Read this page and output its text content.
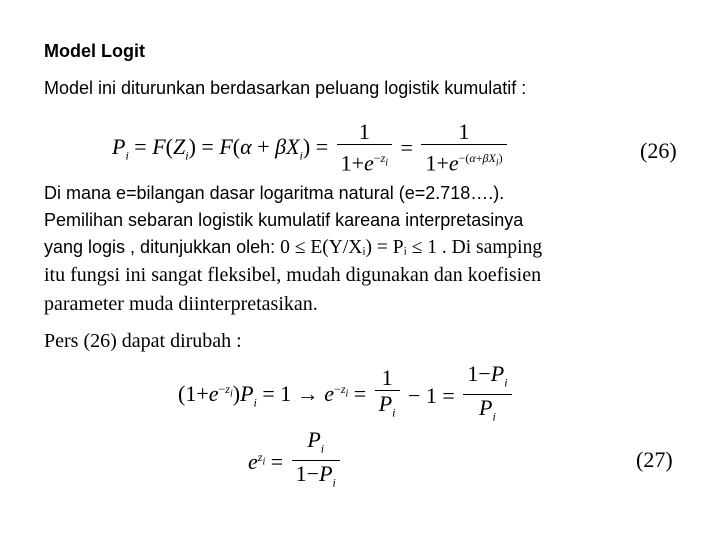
Model Logit
Model ini diturunkan berdasarkan peluang logistik kumulatif :
$P_i = F(Z_i) = F(\alpha + \beta X_i) = \frac{1}{1+e^{-z_i}} = \frac{1}{1+e^{-(\alpha+\beta X_i)}}$	(26)
Di mana e=bilangan dasar logaritma natural (e=2.718….).
Pemilihan sebaran logistik kumulatif kareana interpretasinya
yang logis , ditunjukkan oleh: 0 ≤ E(Y/Xᵢ) = Pᵢ ≤ 1 . Di samping
itu fungsi ini sangat fleksibel, mudah digunakan dan koefisien
parameter muda diinterpretasikan.
Pers (26) dapat dirubah :
$(1+e^{-z_i})P_i = 1 \to e^{-z_i} = \frac{1}{P_i} - 1 = \frac{1-P_i}{P_i}$
$e^{z_i} = \frac{P_i}{1-P_i}$	(27)
